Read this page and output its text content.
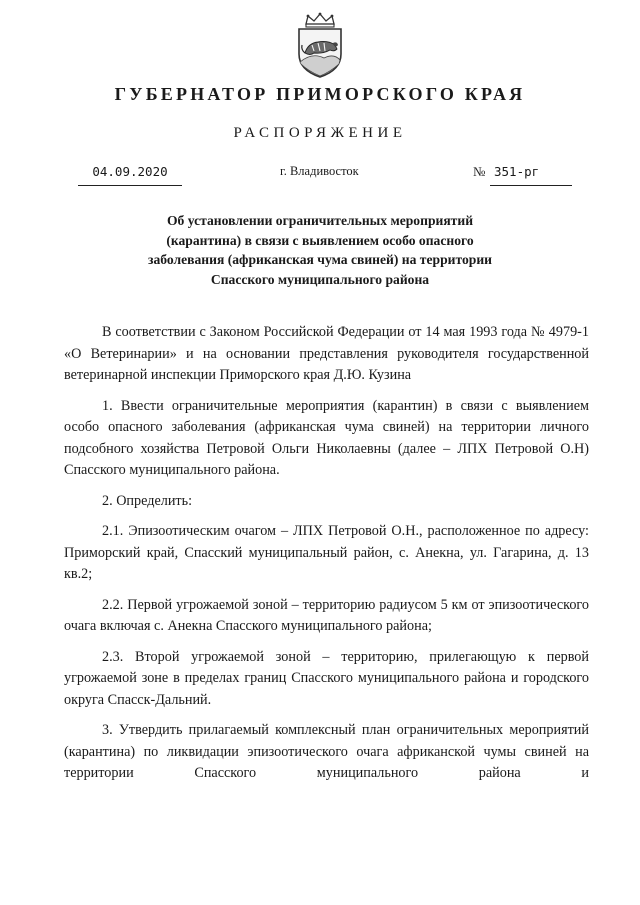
ГУБЕРНАТОР ПРИМОРСКОГО КРАЯ
РАСПОРЯЖЕНИЕ
04.09.2020	г. Владивосток	№ 351-рг
Об установлении ограничительных мероприятий
(карантина) в связи с выявлением особо опасного
заболевания (африканская чума свиней) на территории
Спасского муниципального района

В соответствии с Законом Российской Федерации от 14 мая 1993 года № 4979-1 «О Ветеринарии» и на основании представления руководителя государственной ветеринарной инспекции Приморского края Д.Ю. Кузина

1. Ввести ограничительные мероприятия (карантин) в связи с выявлением особо опасного заболевания (африканская чума свиней) на территории личного подсобного хозяйства Петровой Ольги Николаевны (далее – ЛПХ Петровой О.Н) Спасского муниципального района.

2. Определить:

2.1. Эпизоотическим очагом – ЛПХ Петровой О.Н., расположенное по адресу: Приморский край, Спасский муниципальный район, с. Анекна, ул. Гагарина, д. 13 кв.2;

2.2. Первой угрожаемой зоной – территорию радиусом 5 км от эпизоотического очага включая с. Анекна Спасского муниципального района;

2.3. Второй угрожаемой зоной – территорию, прилегающую к первой угрожаемой зоне в пределах границ Спасского муниципального района и городского округа Спасск-Дальний.

3. Утвердить прилагаемый комплексный план ограничительных мероприятий (карантина) по ликвидации эпизоотического очага африканской чумы свиней на территории Спасского муниципального района и
